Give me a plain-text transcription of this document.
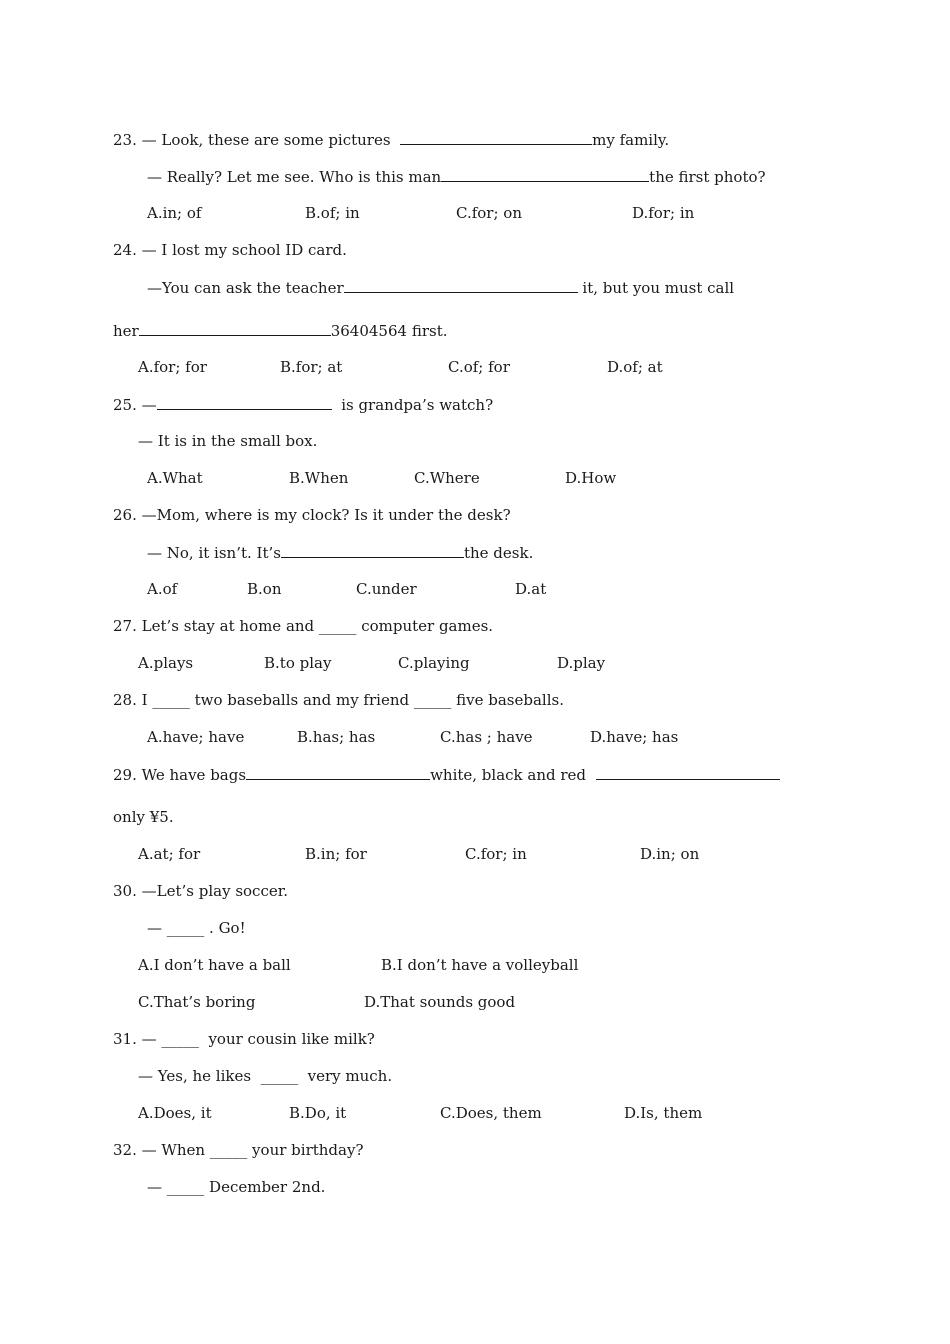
23. — Look, these are some pictures	my family.
— Really? Let me see. Who is this man	the first photo?
A.in; of	B.of; in	C.for; on	D.for; in
24. — I lost my school ID card.
—You can ask the teacher	it, but you must call
her	36404564 first.
A.for; for	B.for; at	C.of; for	D.of; at
25. —	is grandpa’s watch?
— It is in the small box.
A.What	B.When	C.Where	D.How
26. —Mom, where is my clock? Is it under the desk?
— No, it isn’t. It’s	the desk.
A.of	B.on	C.under	D.at
27. Let’s stay at home and _____ computer games.
A.plays	B.to play	C.playing	D.play
28. I _____ two baseballs and my friend _____ five baseballs.
A.have; have	B.has; has	C.has ; have	D.have; has
29. We have bags	white, black and red
only ¥5.
A.at; for	B.in; for	C.for; in	D.in; on
30. —Let’s play soccer.
— _____ . Go!
A.I don’t have a ball	B.I don’t have a volleyball
C.That’s boring	D.That sounds good
31. — _____  your cousin like milk?
— Yes, he likes  _____  very much.
A.Does, it	B.Do, it	C.Does, them	D.Is, them
32. — When _____ your birthday?
— _____ December 2nd.
